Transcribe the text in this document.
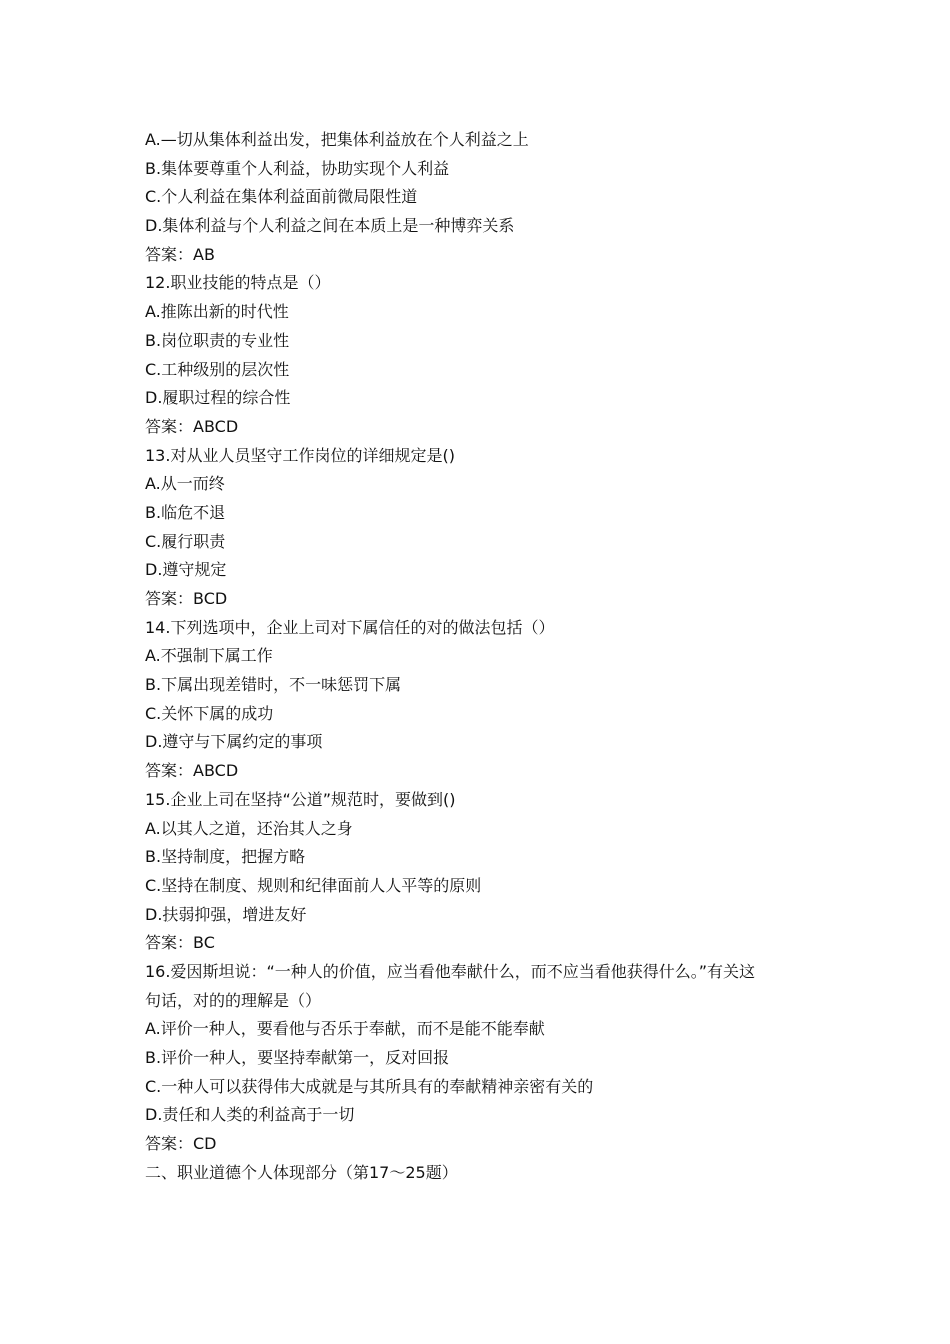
A.—切从集体利益出发，把集体利益放在个人利益之上

B.集体要尊重个人利益，协助实现个人利益

C.个人利益在集体利益面前微局限性道

D.集体利益与个人利益之间在本质上是一种博弈关系

答案：AB

12.职业技能的特点是（）

A.推陈出新的时代性

B.岗位职责的专业性

C.工种级别的层次性

D.履职过程的综合性

答案：ABCD

13.对从业人员坚守工作岗位的详细规定是()

A.从一而终

B.临危不退

C.履行职责

D.遵守规定

答案：BCD

14.下列选项中，企业上司对下属信任的对的做法包括（）

A.不强制下属工作

B.下属出现差错时，不一味惩罚下属

C.关怀下属的成功

D.遵守与下属约定的事项

答案：ABCD

15.企业上司在坚持“公道”规范时，要做到()

A.以其人之道，还治其人之身

B.坚持制度，把握方略

C.坚持在制度、规则和纪律面前人人平等的原则

D.扶弱抑强，增进友好

答案：BC

16.爱因斯坦说：“一种人的价值，应当看他奉献什么，而不应当看他获得什么。”有关这

句话，对的的理解是（）

A.评价一种人，要看他与否乐于奉献，而不是能不能奉献

B.评价一种人，要坚持奉献第一，反对回报

C.一种人可以获得伟大成就是与其所具有的奉献精神亲密有关的

D.责任和人类的利益高于一切

答案：CD

二、职业道德个人体现部分（第17～25题）
